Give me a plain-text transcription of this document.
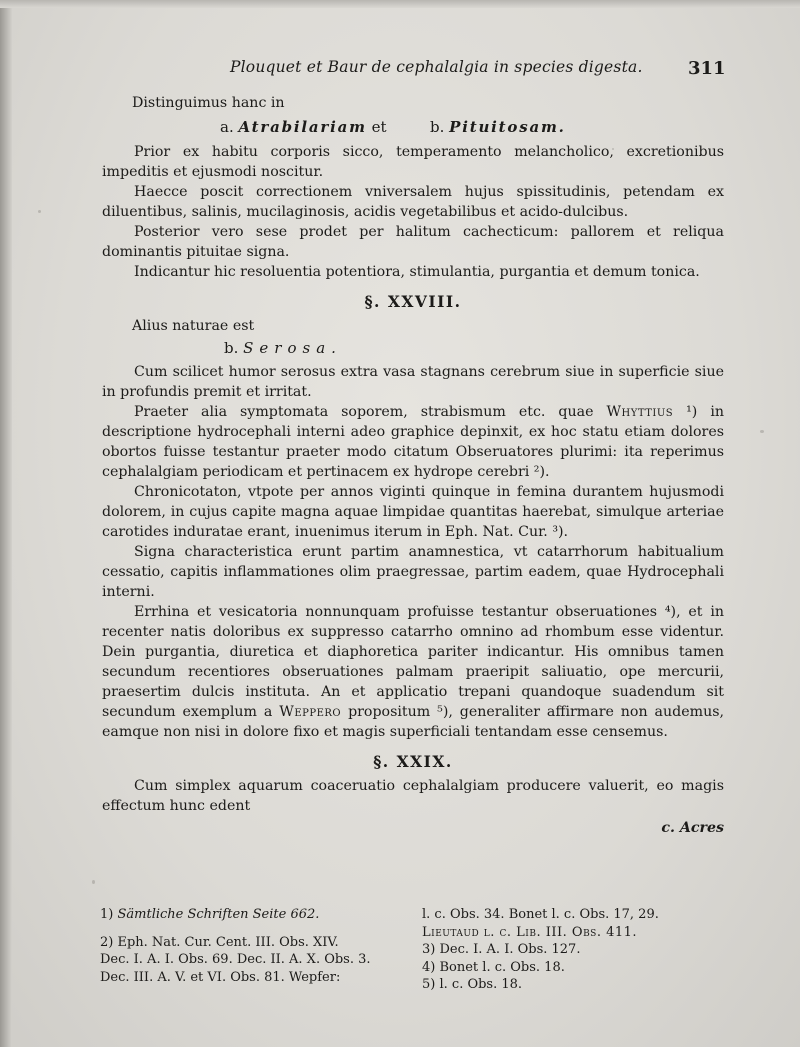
Plouquet et Baur de cephalalgia in species digesta.	311

Distinguimus hanc in

a. Atrabilariam et	b. Pituitosam.

Prior ex habitu corporis sicco, temperamento melancholico, excretionibus impeditis et ejusmodi noscitur.

Haecce poscit correctionem vniversalem hujus spissitudinis, petendam ex diluentibus, salinis, mucilaginosis, acidis vegetabilibus et acido-dulcibus.

Posterior vero sese prodet per halitum cachecticum: pallorem et reliqua dominantis pituitae signa.

Indicantur hic resoluentia potentiora, stimulantia, purgantia et demum tonica.

§. XXVIII.

Alius naturae est

b. Serosa.

Cum scilicet humor serosus extra vasa stagnans cerebrum siue in superficie siue in profundis premit et irritat.

Praeter alia symptomata soporem, strabismum etc. quae Whyttius ¹) in descriptione hydrocephali interni adeo graphice depinxit, ex hoc statu etiam dolores obortos fuisse testantur praeter modo citatum Obseruatores plurimi: ita reperimus cephalalgiam periodicam et pertinacem ex hydrope cerebri ²).

Chronicotaton, vtpote per annos viginti quinque in femina durantem hujusmodi dolorem, in cujus capite magna aquae limpidae quantitas haerebat, simulque arteriae carotides induratae erant, inuenimus iterum in Eph. Nat. Cur. ³).

Signa characteristica erunt partim anamnestica, vt catarrhorum habitualium cessatio, capitis inflammationes olim praegressae, partim eadem, quae Hydrocephali interni.

Errhina et vesicatoria nonnunquam profuisse testantur obseruationes ⁴), et in recenter natis doloribus ex suppresso catarrho omnino ad rhombum esse videntur. Dein purgantia, diuretica et diaphoretica pariter indicantur. His omnibus tamen secundum recentiores obseruationes palmam praeripit saliuatio, ope mercurii, praesertim dulcis instituta. An et applicatio trepani quandoque suadendum sit secundum exemplum a Weppero propositum ⁵), generaliter affirmare non audemus, eamque non nisi in dolore fixo et magis superficiali tentandam esse censemus.

§. XXIX.

Cum simplex aquarum coaceruatio cephalalgiam producere valuerit, eo magis effectum hunc edent

c. Acres
1) Sämtliche Schriften Seite 662.
2) Eph. Nat. Cur. Cent. III. Obs. XIV.
Dec. I. A. I. Obs. 69. Dec. II. A. X. Obs. 3.
Dec. III. A. V. et VI. Obs. 81. Wepfer:
l. c. Obs. 34. Bonet l. c. Obs. 17, 29.
Lieutaud l. c. Lib. III. Obs. 411.
3) Dec. I. A. I. Obs. 127.
4) Bonet l. c. Obs. 18.
5) l. c. Obs. 18.
